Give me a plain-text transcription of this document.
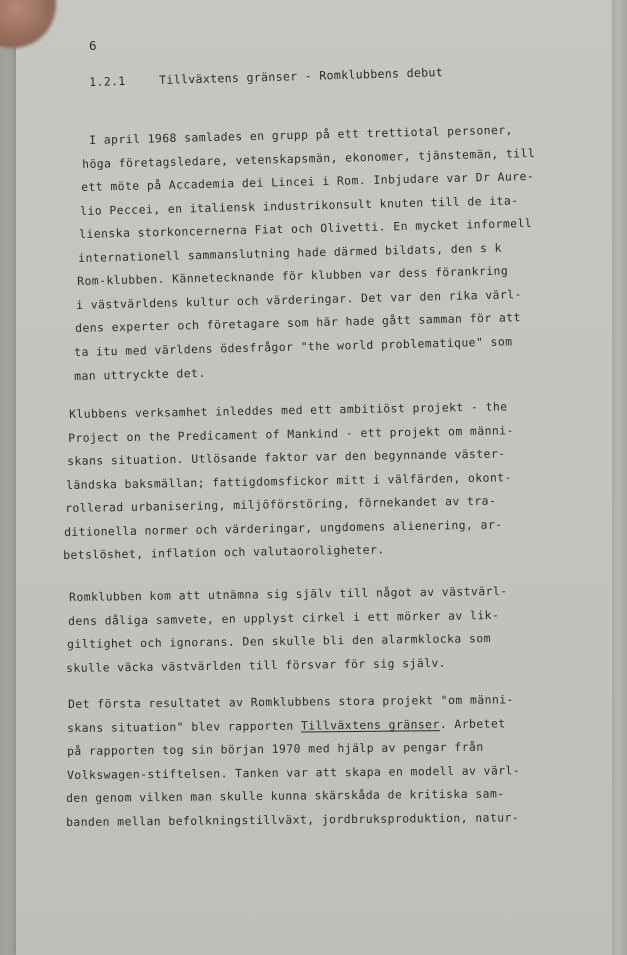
6

1.2.1	Tillväxtens gränser - Romklubbens debut

I april 1968 samlades en grupp på ett trettiotal personer,

höga företagsledare, vetenskapsmän, ekonomer, tjänstemän, till

ett möte på Accademia dei Lincei i Rom. Inbjudare var Dr Aure-

lio Peccei, en italiensk industrikonsult knuten till de ita-

lienska storkoncernerna Fiat och Olivetti. En mycket informell

internationell sammanslutning hade därmed bildats, den s k

Rom-klubben. Kännetecknande för klubben var dess förankring

i västvärldens kultur och värderingar. Det var den rika värl-

dens experter och företagare som här hade gått samman för att

ta itu med världens ödesfrågor "the world problematique" som

man uttryckte det.

Klubbens verksamhet inleddes med ett ambitiöst projekt - the

Project on the Predicament of Mankind - ett projekt om männi-

skans situation. Utlösande faktor var den begynnande väster-

ländska baksmällan; fattigdomsfickor mitt i välfärden, okont-

rollerad urbanisering, miljöförstöring, förnekandet av tra-

ditionella normer och värderingar, ungdomens alienering, ar-

betslöshet, inflation och valutaoroligheter.

Romklubben kom att utnämna sig själv till något av västvärl-

dens dåliga samvete, en upplyst cirkel i ett mörker av lik-

giltighet och ignorans. Den skulle bli den alarmklocka som

skulle väcka västvärlden till försvar för sig själv.

Det första resultatet av Romklubbens stora projekt "om männi-

skans situation" blev rapporten Tillväxtens gränser. Arbetet

på rapporten tog sin början 1970 med hjälp av pengar från

Volkswagen-stiftelsen. Tanken var att skapa en modell av värl-

den genom vilken man skulle kunna skärskåda de kritiska sam-

banden mellan befolkningstillväxt, jordbruksproduktion, natur-
